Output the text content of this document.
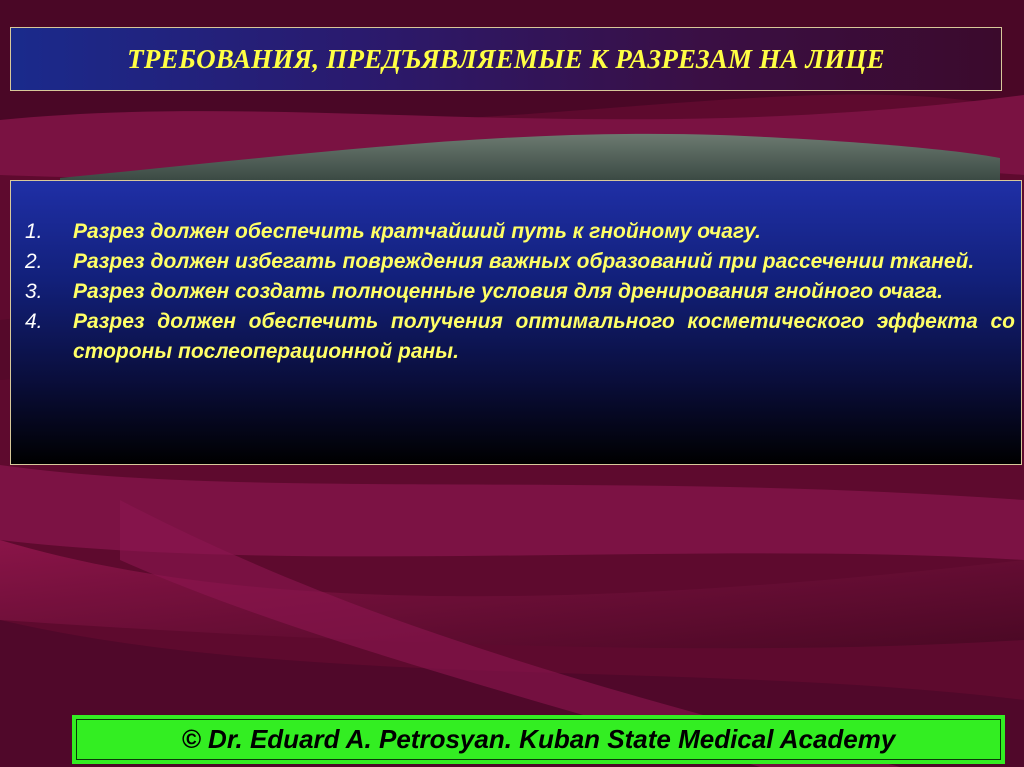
ТРЕБОВАНИЯ, ПРЕДЪЯВЛЯЕМЫЕ К РАЗРЕЗАМ НА ЛИЦЕ
1. Разрез должен обеспечить кратчайший путь к гнойному очагу.
2. Разрез должен избегать повреждения важных образований при рассечении тканей.
3. Разрез должен создать полноценные условия для дренирования гнойного очага.
4. Разрез должен обеспечить получения оптимального косметического эффекта со стороны послеоперационной раны.
© Dr. Eduard A. Petrosyan. Kuban State Medical Academy
